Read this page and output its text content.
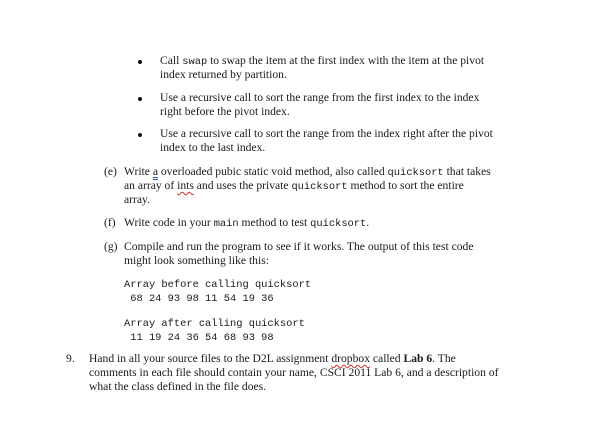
Call swap to swap the item at the first index with the item at the pivot
index returned by partition.
Use a recursive call to sort the range from the first index to the index
right before the pivot index.
Use a recursive call to sort the range from the index right after the pivot
index to the last index.
(e) Write a overloaded pubic static void method, also called quicksort that takes
an array of ints and uses the private quicksort method to sort the entire
array.
(f) Write code in your main method to test quicksort.
(g) Compile and run the program to see if it works. The output of this test code
might look something like this:
Array before calling quicksort
68 24 93 98 11 54 19 36
Array after calling quicksort
11 19 24 36 54 68 93 98
9. Hand in all your source files to the D2L assignment dropbox called Lab 6. The
comments in each file should contain your name, CSCI 2011 Lab 6, and a description of
what the class defined in the file does.
